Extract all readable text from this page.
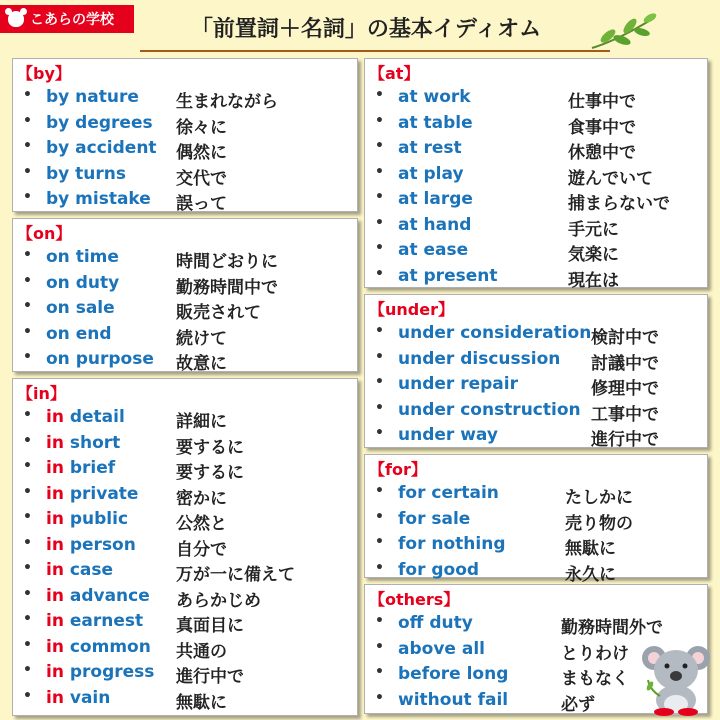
こあらの学校	「前置詞＋名詞」の基本イディオム
【by】
• by nature 生まれながら
• by degrees 徐々に
• by accident 偶然に
• by turns	交代で
• by mistake 誤って
【on】
• on time	時間どおりに
• on duty	勤務時間中で
• on sale	販売されて
• on end	続けて
• on purpose 故意に
【in】
• in detail	詳細に
• in short	要するに
• in brief	要するに
• in private 密かに
• in public	公然と
• in person 自分で
• in case	万が一に備えて
• in advance あらかじめ
• in earnest 真面目に
• in common 共通の
• in progress 進行中で
• in vain	無駄に
【at】
• at work	仕事中で
• at table	食事中で
• at rest	休憩中で
• at play	遊んでいて
• at large	捕まらないで
• at hand	手元に
• at ease	気楽に
• at present	現在は
【under】
• under consideration 検討中で
• under discussion 討議中で
• under repair	修理中で
• under construction 工事中で
• under way	進行中で
【for】
• for certain	たしかに
• for sale	売り物の
• for nothing	無駄に
• for good	永久に
【others】
• off duty	勤務時間外で
• above all	とりわけ
• before long	まもなく
• without fail	必ず
